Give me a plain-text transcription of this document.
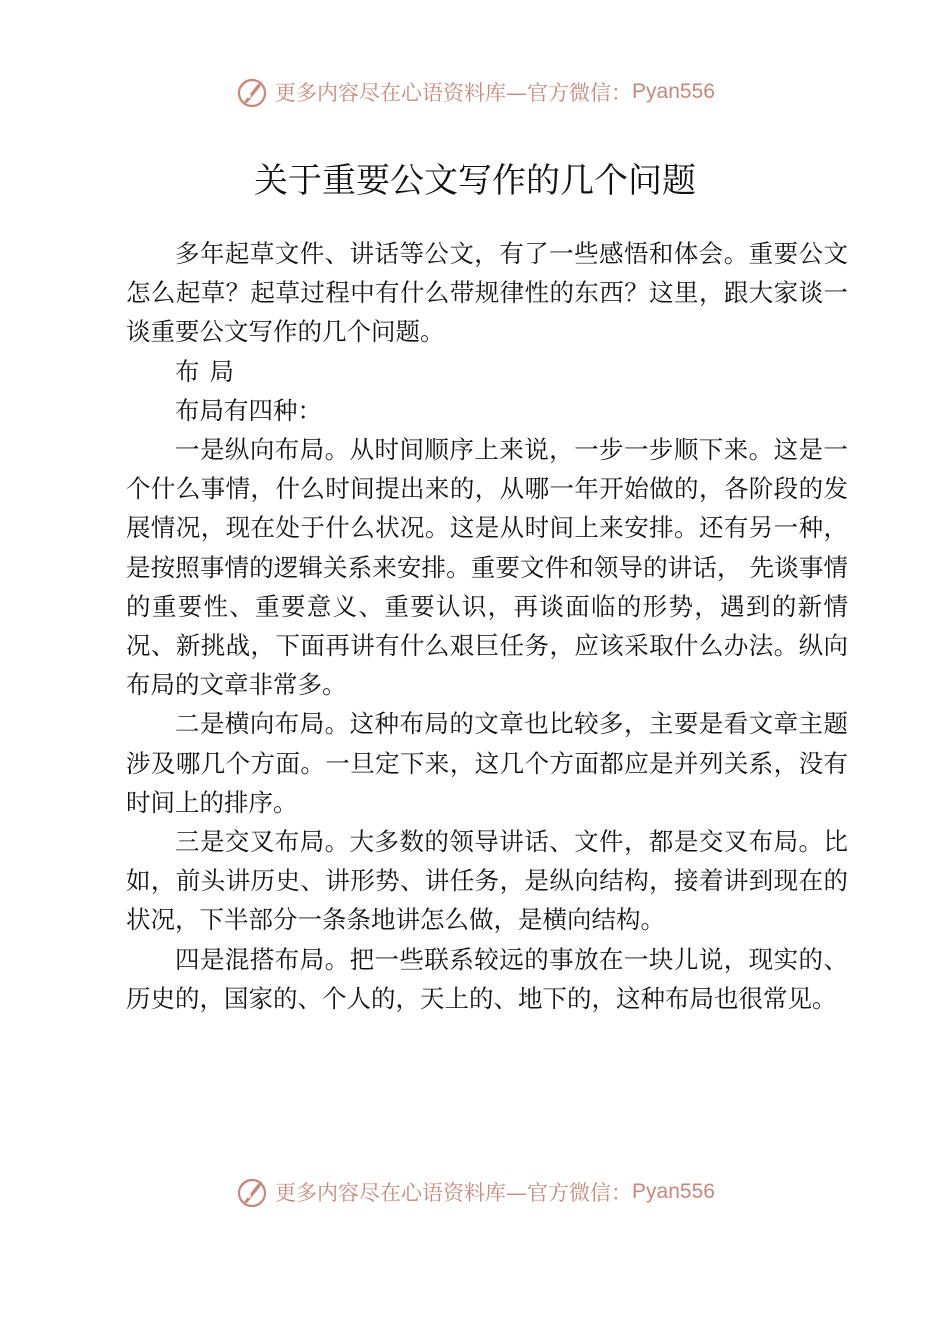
更多内容尽在心语资料库—官方微信： Pyan556
关于重要公文写作的几个问题

多年起草文件、讲话等公文，有了一些感悟和体会。重要公文怎么起草？起草过程中有什么带规律性的东西？这里，跟大家谈一谈重要公文写作的几个问题。

布局

布局有四种：

一是纵向布局。从时间顺序上来说，一步一步顺下来。这是一个什么事情，什么时间提出来的，从哪一年开始做的，各阶段的发展情况，现在处于什么状况。这是从时间上来安排。还有另一种，是按照事情的逻辑关系来安排。重要文件和领导的讲话， 先谈事情的重要性、重要意义、重要认识，再谈面临的形势，遇到的新情况、新挑战，下面再讲有什么艰巨任务，应该采取什么办法。纵向布局的文章非常多。

二是横向布局。这种布局的文章也比较多，主要是看文章主题涉及哪几个方面。一旦定下来，这几个方面都应是并列关系，没有时间上的排序。

三是交叉布局。大多数的领导讲话、文件，都是交叉布局。比如，前头讲历史、讲形势、讲任务，是纵向结构，接着讲到现在的状况，下半部分一条条地讲怎么做，是横向结构。

四是混搭布局。把一些联系较远的事放在一块儿说，现实的、历史的，国家的、个人的，天上的、地下的，这种布局也很常见。

更多内容尽在心语资料库—官方微信： Pyan556
